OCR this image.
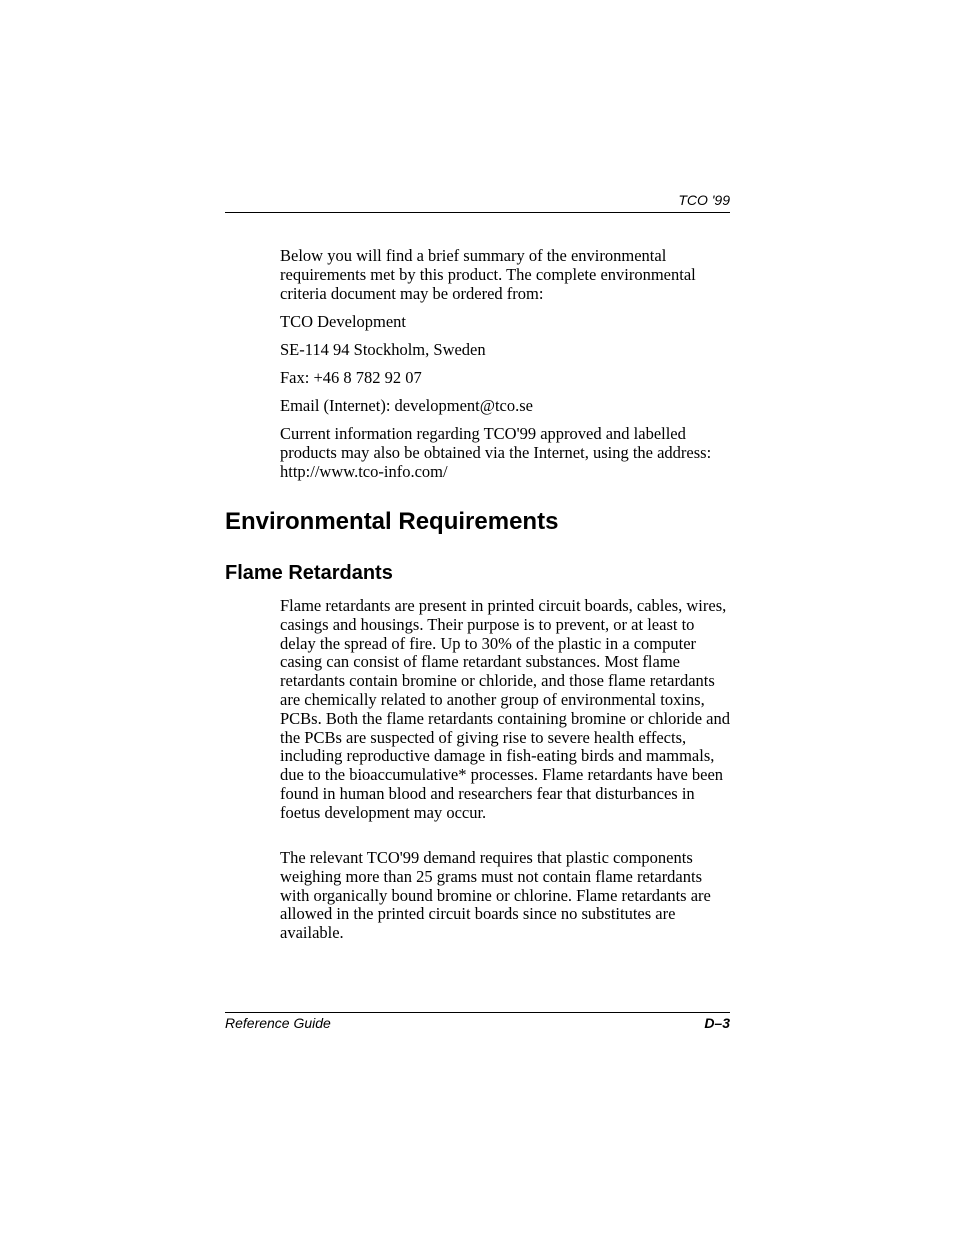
TCO '99

Below you will find a brief summary of the environmental requirements met by this product. The complete environmental criteria document may be ordered from:

TCO Development

SE-114 94 Stockholm, Sweden

Fax: +46 8 782 92 07

Email (Internet): development@tco.se

Current information regarding TCO'99 approved and labelled products may also be obtained via the Internet, using the address: http://www.tco-info.com/

Environmental Requirements
Flame Retardants

Flame retardants are present in printed circuit boards, cables, wires, casings and housings. Their purpose is to prevent, or at least to delay the spread of fire. Up to 30% of the plastic in a computer casing can consist of flame retardant substances. Most flame retardants contain bromine or chloride, and those flame retardants are chemically related to another group of environmental toxins, PCBs. Both the flame retardants containing bromine or chloride and the PCBs are suspected of giving rise to severe health effects, including reproductive damage in fish-eating birds and mammals, due to the bioaccumulative* processes. Flame retardants have been found in human blood and researchers fear that disturbances in foetus development may occur.

The relevant TCO'99 demand requires that plastic components weighing more than 25 grams must not contain flame retardants with organically bound bromine or chlorine. Flame retardants are allowed in the printed circuit boards since no substitutes are available.

Reference Guide	D–3
